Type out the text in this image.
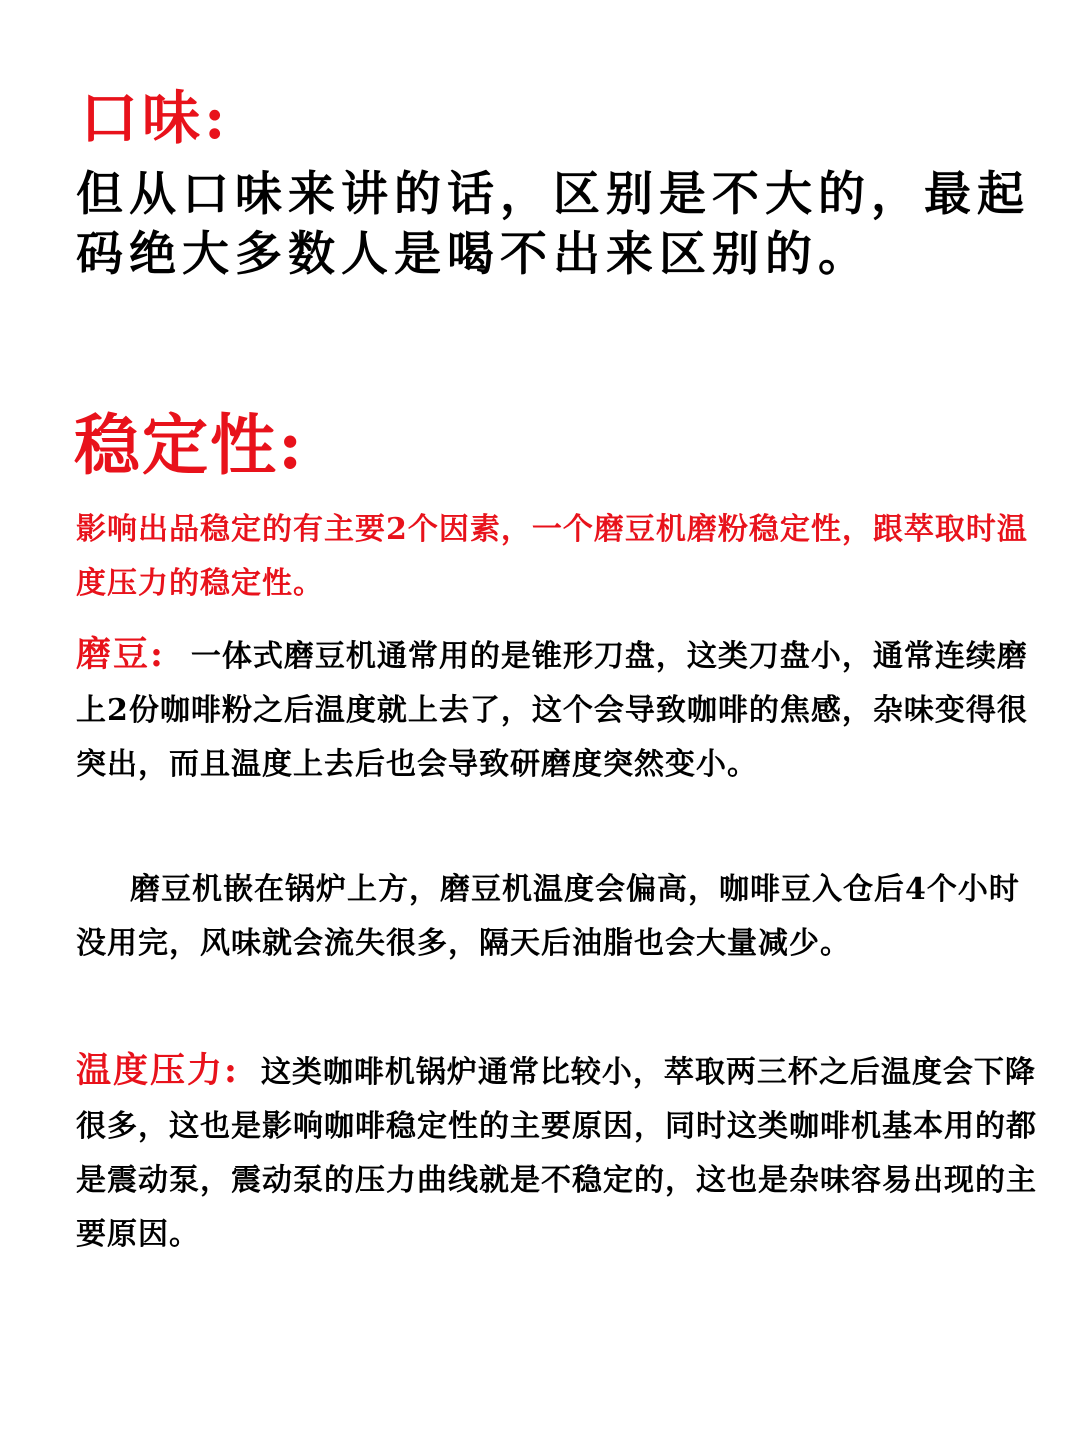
口味:

但从口味来讲的话，区别是不大的，最起码绝大多数人是喝不出来区别的。

稳定性:

影响出品稳定的有主要2个因素，一个磨豆机磨粉稳定性，跟萃取时温度压力的稳定性。

磨豆: 一体式磨豆机通常用的是锥形刀盘，这类刀盘小，通常连续磨上2份咖啡粉之后温度就上去了，这个会导致咖啡的焦感，杂味变得很突出，而且温度上去后也会导致研磨度突然变小。

磨豆机嵌在锅炉上方，磨豆机温度会偏高，咖啡豆入仓后4个小时没用完，风味就会流失很多，隔天后油脂也会大量减少。

温度压力: 这类咖啡机锅炉通常比较小，萃取两三杯之后温度会下降很多，这也是影响咖啡稳定性的主要原因，同时这类咖啡机基本用的都是震动泵，震动泵的压力曲线就是不稳定的，这也是杂味容易出现的主要原因。
